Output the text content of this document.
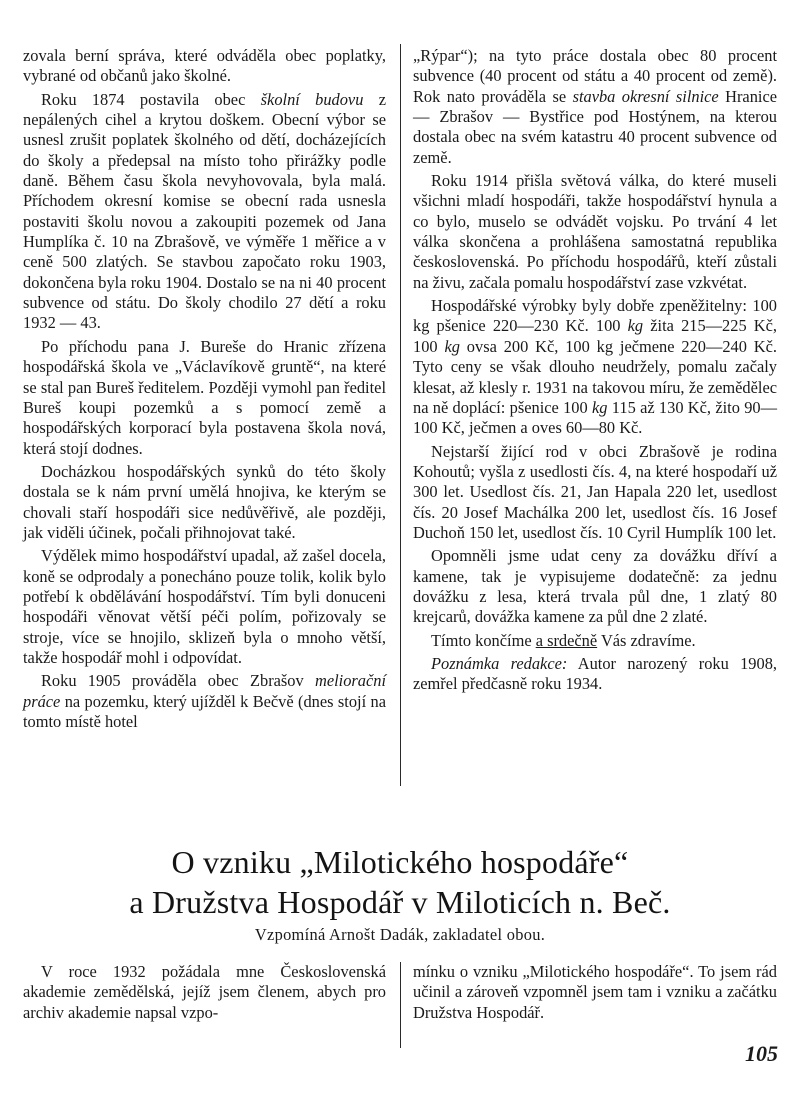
zovala berní správa, které odváděla obec poplatky, vybrané od občanů jako školné.

Roku 1874 postavila obec školní budovu z nepálených cihel a krytou doškem. Obecní výbor se usnesl zrušit poplatek školného od dětí, docházejících do školy a předepsal na místo toho přirážky podle daně. Během času škola nevyhovovala, byla malá. Příchodem okresní komise se obecní rada usnesla postaviti školu novou a zakoupiti pozemek od Jana Humplíka č. 10 na Zbrašově, ve výměře 1 měřice a v ceně 500 zlatých. Se stavbou započato roku 1903, dokončena byla roku 1904. Dostalo se na ni 40 procent subvence od státu. Do školy chodilo 27 dětí a roku 1932 — 43.

Po příchodu pana J. Bureše do Hranic zřízena hospodářská škola ve „Václavíkově gruntě“, na které se stal pan Bureš ředitelem. Později vymohl pan ředitel Bureš koupi pozemků a s pomocí země a hospodářských korporací byla postavena škola nová, která stojí dodnes.

Docházkou hospodářských synků do této školy dostala se k nám první umělá hnojiva, ke kterým se chovali staří hospodáři sice nedůvěřivě, ale později, jak viděli účinek, počali přihnojovat také.

Výdělek mimo hospodářství upadal, až zašel docela, koně se odprodaly a ponecháno pouze tolik, kolik bylo potřebí k obdělávání hospodářství. Tím byli donuceni hospodáři věnovat větší péči polím, pořizovaly se stroje, více se hnojilo, sklizeň byla o mnoho větší, takže hospodář mohl i odpovídat.

Roku 1905 prováděla obec Zbrašov meliorační práce na pozemku, který ujížděl k Bečvě (dnes stojí na tomto místě hotel

„Rýpar“); na tyto práce dostala obec 80 procent subvence (40 procent od státu a 40 procent od země). Rok nato prováděla se stavba okresní silnice Hranice — Zbrašov — Bystřice pod Hostýnem, na kterou dostala obec na svém katastru 40 procent subvence od země.

Roku 1914 přišla světová válka, do které museli všichni mladí hospodáři, takže hospodářství hynula a co bylo, muselo se odvádět vojsku. Po trvání 4 let válka skončena a prohlášena samostatná republika československá. Po příchodu hospodářů, kteří zůstali na živu, začala pomalu hospodářství zase vzkvétat.

Hospodářské výrobky byly dobře zpeněžitelny: 100 kg pšenice 220—230 Kč. 100 kg žita 215—225 Kč, 100 kg ovsa 200 Kč, 100 kg ječmene 220—240 Kč. Tyto ceny se však dlouho neudržely, pomalu začaly klesat, až klesly r. 1931 na takovou míru, že zemědělec na ně doplácí: pšenice 100 kg 115 až 130 Kč, žito 90—100 Kč, ječmen a oves 60—80 Kč.

Nejstarší žijící rod v obci Zbrašově je rodina Kohoutů; vyšla z usedlosti čís. 4, na které hospodaří už 300 let. Usedlost čís. 21, Jan Hapala 220 let, usedlost čís. 20 Josef Machálka 200 let, usedlost čís. 16 Josef Duchoň 150 let, usedlost čís. 10 Cyril Humplík 100 let.

Opomněli jsme udat ceny za dovážku dříví a kamene, tak je vypisujeme dodatečně: za jednu dovážku z lesa, která trvala půl dne, 1 zlatý 80 krejcarů, dovážka kamene za půl dne 2 zlaté.

Tímto končíme a srdečně Vás zdravíme.

Poznámka redakce: Autor narozený roku 1908, zemřel předčasně roku 1934.

O vzniku „Milotického hospodáře“
a Družstva Hospodář v Miloticích n. Beč.
Vzpomíná Arnošt Dadák, zakladatel obou.

V roce 1932 požádala mne Československá akademie zemědělská, jejíž jsem členem, abych pro archiv akademie napsal vzpo-

mínku o vzniku „Milotického hospodáře“. To jsem rád učinil a zároveň vzpomněl jsem tam i vzniku a začátku Družstva Hospodář.

105
